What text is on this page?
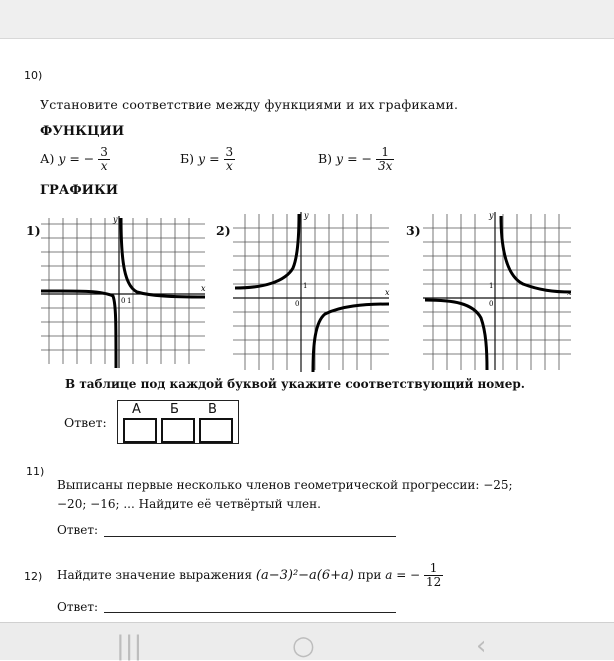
10)
Установите соответствие между функциями и их графиками.
ФУНКЦИИ
А) y = − $\frac{3}{x}$	Б) $y = \frac{3}{x}$	В) y = − $\frac{1}{3x}$
ГРАФИКИ
1)	2)	3)
y
x
0 1
y
x
0
1
y
x
0
1
В таблице под каждой буквой укажите соответствующий номер.
Ответ:
А Б В
11)
Выписаны первые несколько членов геометрической прогрессии: −25;
−20; −16; ... Найдите её четвёртый член.
Ответ:
12) Найдите значение выражения (a−3)²−a(6+a) при a = − $\frac{1}{12}$
Ответ:
|||	○	‹
